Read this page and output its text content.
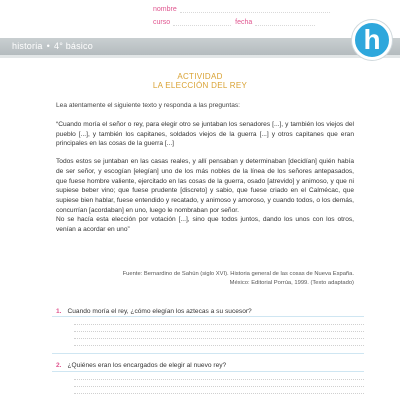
historia • 4° básico
nombre
curso	fecha
h
ACTIVIDAD
LA ELECCIÓN DEL REY
Lea atentamente el siguiente texto y responda a las preguntas:

“Cuando moría el señor o rey, para elegir otro se juntaban los senadores [...], y también los viejos del pueblo [...], y también los capitanes, soldados viejos de la guerra [...] y otros capitanes que eran principales en las cosas de la guerra [...]

Todos estos se juntaban en las casas reales, y allí pensaban y determinaban [decidían] quién había de ser señor, y escogían [elegían] uno de los más nobles de la línea de los señores antepasados, que fuese hombre valiente, ejercitado en las cosas de la guerra, osado [atrevido] y animoso, y que ni supiese beber vino; que fuese prudente [discreto] y sabio, que fuese criado en el Calmécac, que supiese bien hablar, fuese entendido y recatado, y animoso y amoroso, y cuando todos, o los demás, concurrían [acordaban] en uno, luego le nombraban por señor.

No se hacía esta elección por votación [...], sino que todos juntos, dando los unos con los otros, venían a acordar en uno”

Fuente: Bernardino de Sahún (siglo XVI). Historia general de las cosas de Nueva España.
México: Editorial Porrúa, 1999. (Texto adaptado)
1. Cuando moría el rey, ¿cómo elegían los aztecas a su sucesor?
2. ¿Quiénes eran los encargados de elegir al nuevo rey?
